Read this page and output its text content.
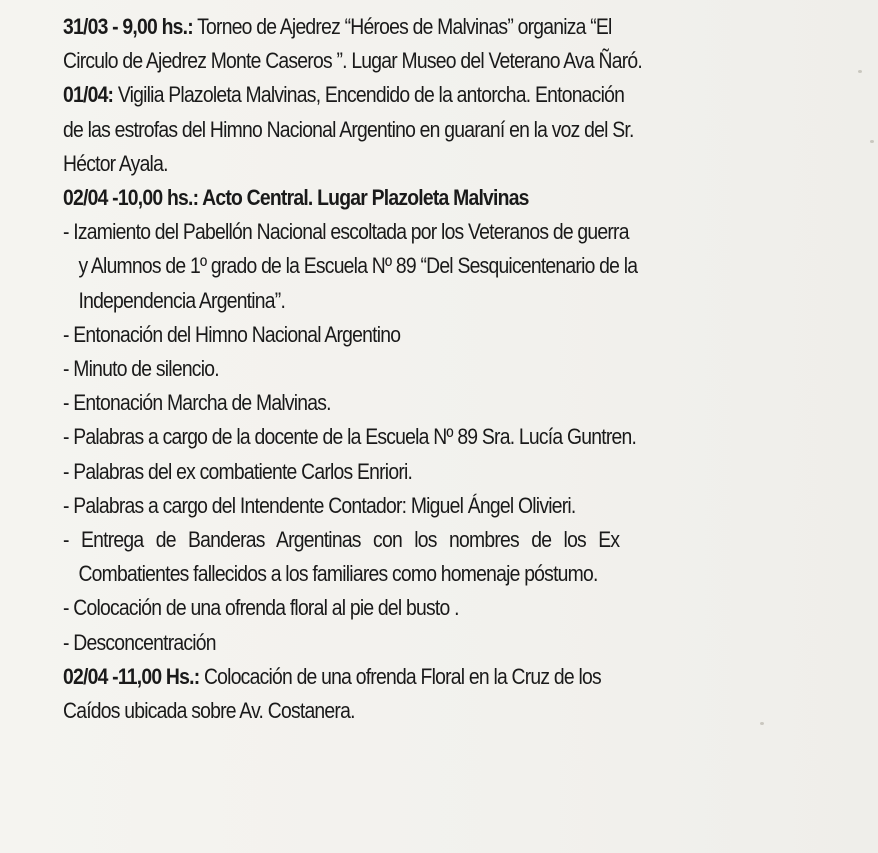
31/03 - 9,00 hs.: Torneo de Ajedrez “Héroes de Malvinas” organiza “El
Circulo de Ajedrez Monte Caseros ”. Lugar Museo del Veterano Ava Ñaró.
01/04: Vigilia Plazoleta Malvinas, Encendido de la antorcha. Entonación
de las estrofas del Himno Nacional Argentino en guaraní en la voz del Sr.
Héctor Ayala.
02/04 -10,00 hs.: Acto Central. Lugar Plazoleta Malvinas
- Izamiento del Pabellón Nacional escoltada por los Veteranos de guerra
y Alumnos de 1º grado de la Escuela Nº 89 “Del Sesquicentenario de la
Independencia Argentina”.
- Entonación del Himno Nacional Argentino
- Minuto de silencio.
- Entonación Marcha de Malvinas.
- Palabras a cargo de la docente de la Escuela Nº 89 Sra. Lucía Guntren.
- Palabras del ex combatiente Carlos Enriori.
- Palabras a cargo del Intendente Contador: Miguel Ángel Olivieri.
- Entrega de Banderas Argentinas con los nombres de los Ex
Combatientes fallecidos a los familiares como homenaje póstumo.
- Colocación de una ofrenda floral al pie del busto .
- Desconcentración
02/04 -11,00 Hs.: Colocación de una ofrenda Floral en la Cruz de los
Caídos ubicada sobre Av. Costanera.
